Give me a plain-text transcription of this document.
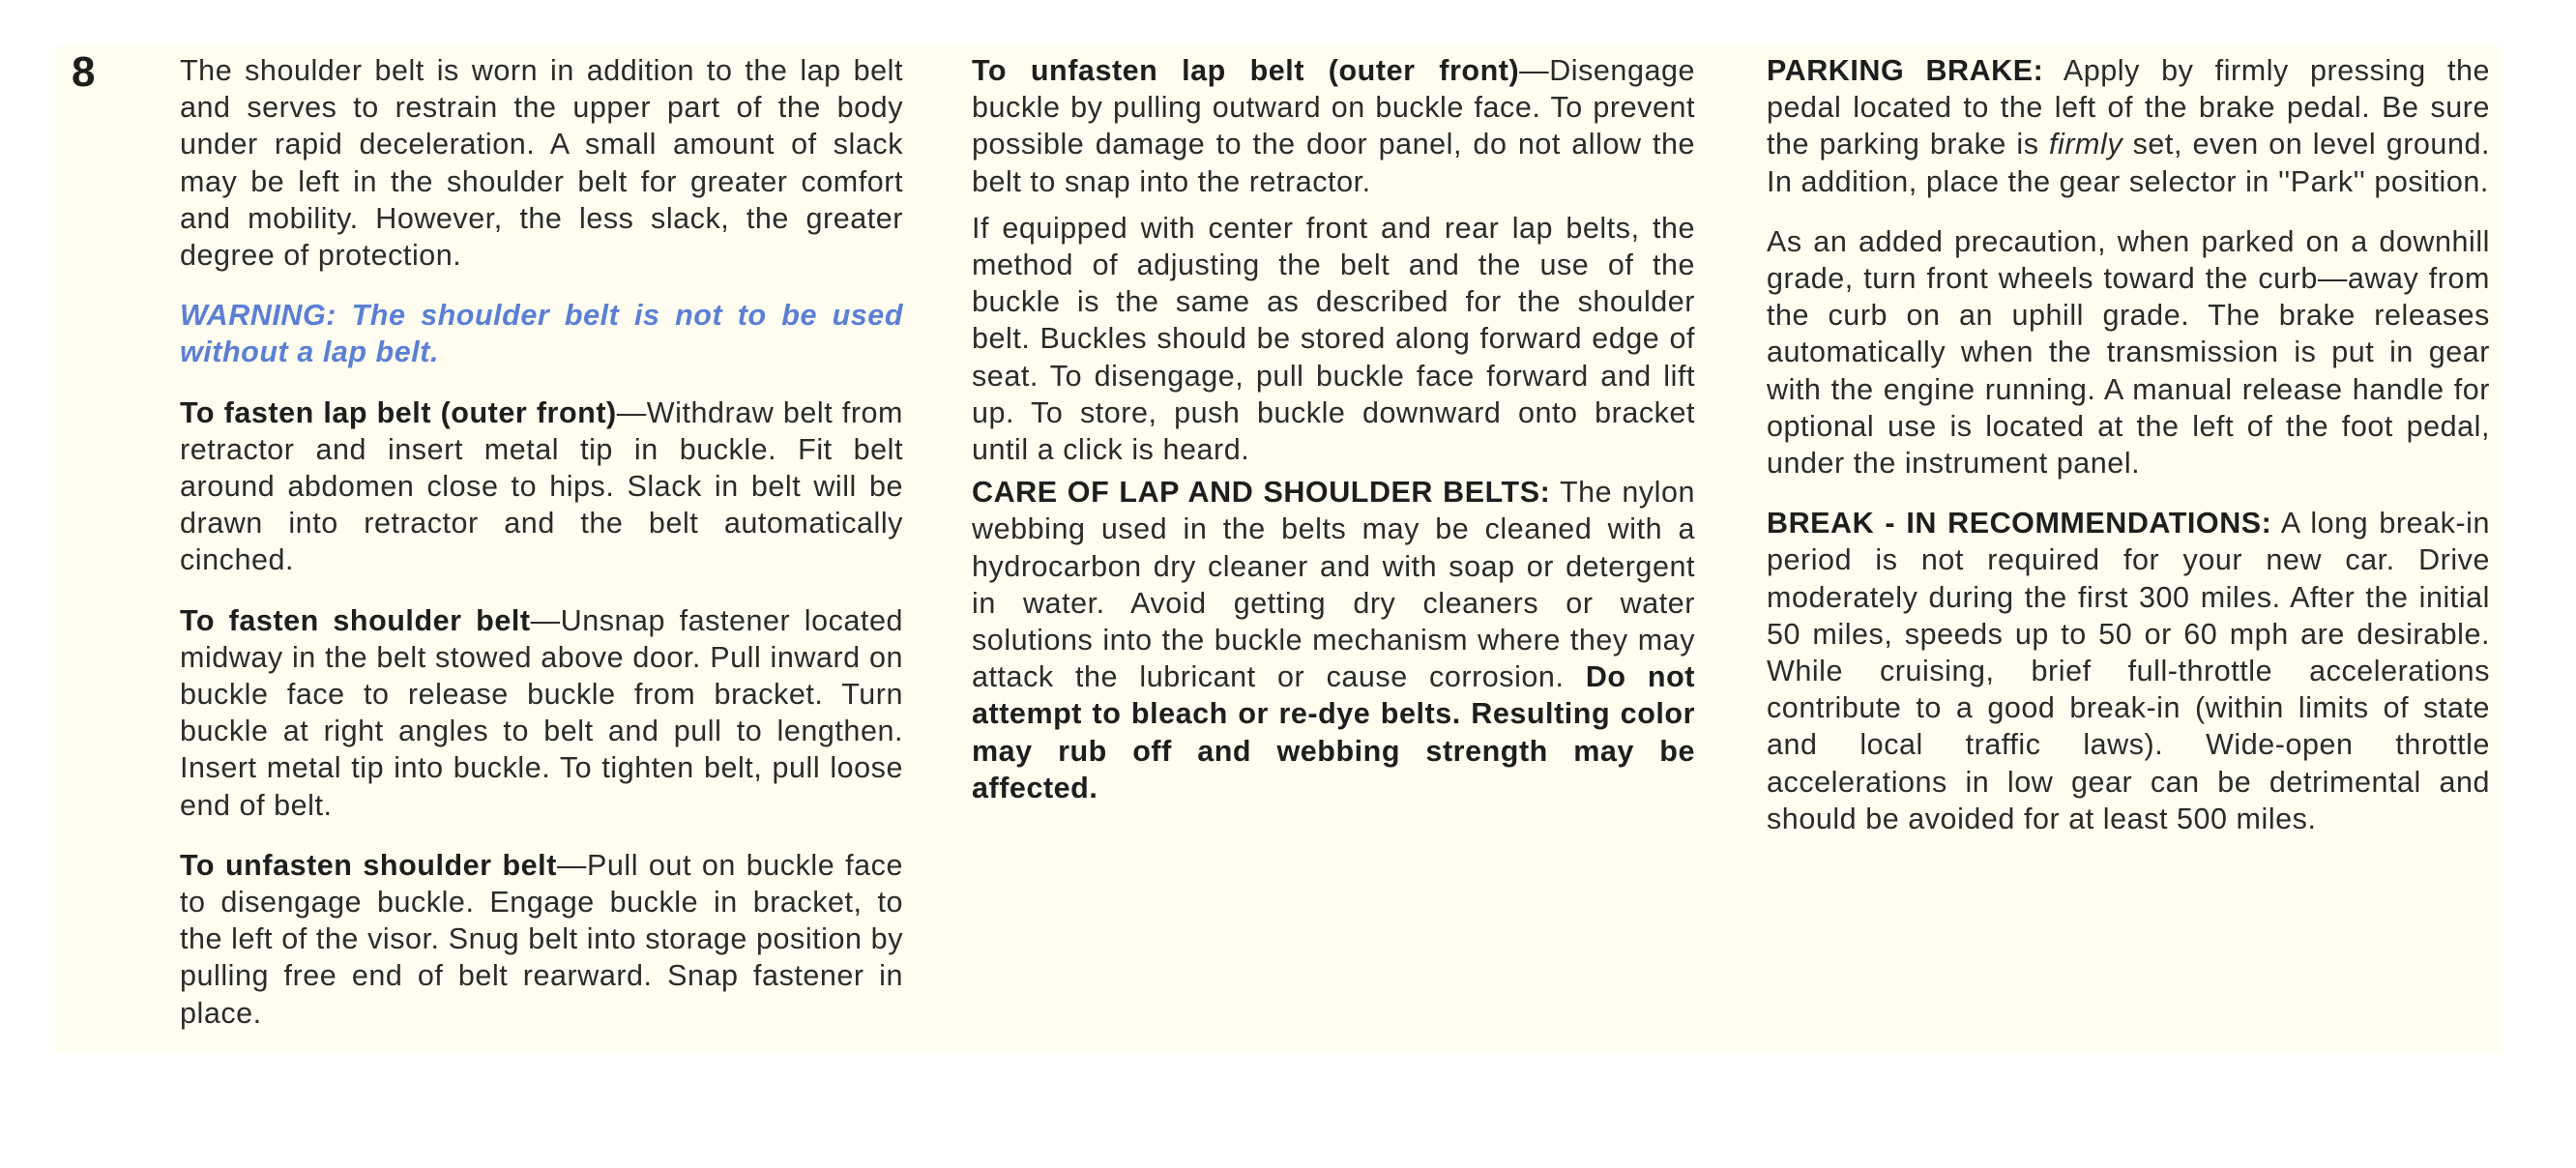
8	The shoulder belt is worn in addition to the lap belt and serves to restrain the upper part of the body under rapid deceleration. A small amount of slack may be left in the shoulder belt for greater comfort and mobility. However, the less slack, the greater degree of protection.

WARNING: The shoulder belt is not to be used without a lap belt.

To fasten lap belt (outer front)—Withdraw belt from retractor and insert metal tip in buckle. Fit belt around abdomen close to hips. Slack in belt will be drawn into retractor and the belt automatically cinched.

To fasten shoulder belt—Unsnap fastener located midway in the belt stowed above door. Pull inward on buckle face to release buckle from bracket. Turn buckle at right angles to belt and pull to lengthen. Insert metal tip into buckle. To tighten belt, pull loose end of belt.

To unfasten shoulder belt—Pull out on buckle face to disengage buckle. Engage buckle in bracket, to the left of the visor. Snug belt into storage position by pulling free end of belt rearward. Snap fastener in place.

To unfasten lap belt (outer front)—Disengage buckle by pulling outward on buckle face. To prevent possible damage to the door panel, do not allow the belt to snap into the retractor.

If equipped with center front and rear lap belts, the method of adjusting the belt and the use of the buckle is the same as described for the shoulder belt. Buckles should be stored along forward edge of seat. To disengage, pull buckle face forward and lift up. To store, push buckle downward onto bracket until a click is heard.

CARE OF LAP AND SHOULDER BELTS: The nylon webbing used in the belts may be cleaned with a hydrocarbon dry cleaner and with soap or detergent in water. Avoid getting dry cleaners or water solutions into the buckle mechanism where they may attack the lubricant or cause corrosion. Do not attempt to bleach or re-dye belts. Resulting color may rub off and webbing strength may be affected.

PARKING BRAKE: Apply by firmly pressing the pedal located to the left of the brake pedal. Be sure the parking brake is firmly set, even on level ground. In addition, place the gear selector in ''Park'' position.

As an added precaution, when parked on a downhill grade, turn front wheels toward the curb—away from the curb on an uphill grade. The brake releases automatically when the transmission is put in gear with the engine running. A manual release handle for optional use is located at the left of the foot pedal, under the instrument panel.

BREAK - IN RECOMMENDATIONS: A long break-in period is not required for your new car. Drive moderately during the first 300 miles. After the initial 50 miles, speeds up to 50 or 60 mph are desirable. While cruising, brief full-throttle accelerations contribute to a good break-in (within limits of state and local traffic laws). Wide-open throttle accelerations in low gear can be detrimental and should be avoided for at least 500 miles.
